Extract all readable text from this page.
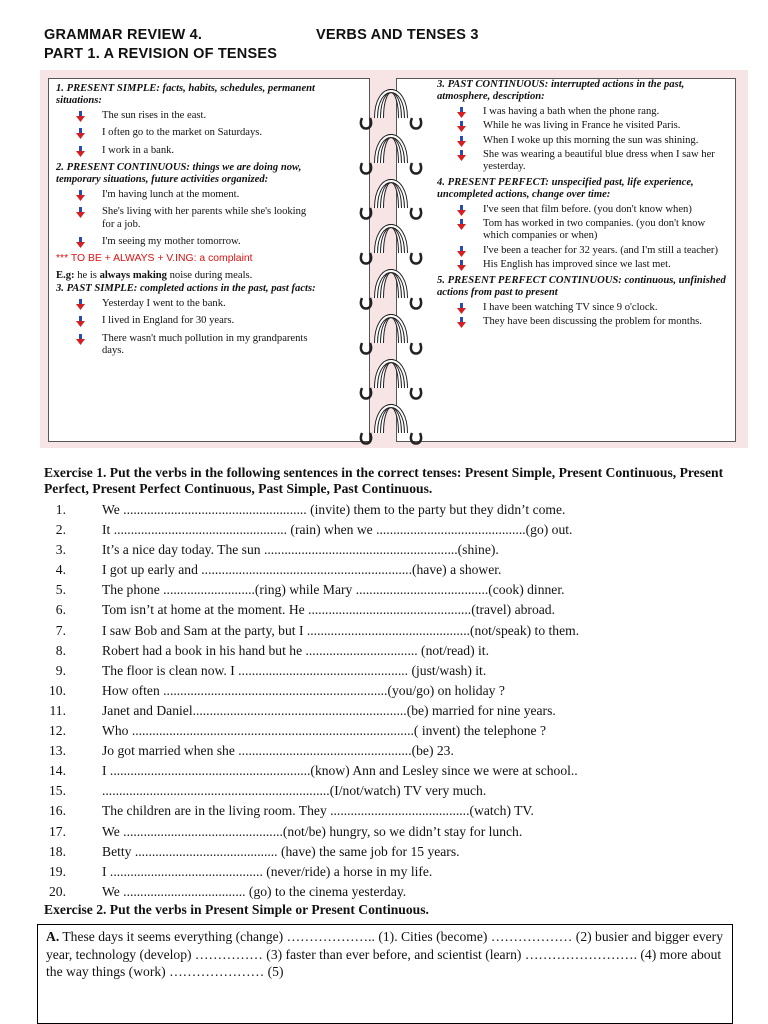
GRAMMAR REVIEW 4.	VERBS AND TENSES 3
PART 1. A REVISION OF TENSES

1. PRESENT SIMPLE: facts, habits, schedules, permanent situations:

The sun rises in the east.
I often go to the market on Saturdays.
I work in a bank.

2. PRESENT CONTINUOUS: things we are doing now, temporary situations, future activities organized:

I'm having lunch at the moment.
She's living with her parents while she's looking for a job.
I'm seeing my mother tomorrow.

*** TO BE + ALWAYS + V.ING: a complaint

E.g: he is always making noise during meals.

3. PAST SIMPLE: completed actions in the past, past facts:

Yesterday I went to the bank.
I lived in England for 30 years.
There wasn't much pollution in my grandparents days.

3. PAST CONTINUOUS: interrupted actions in the past, atmosphere, description:

I was having a bath when the phone rang.
While he was living in France he visited Paris.
When I woke up this morning the sun was shining.
She was wearing a beautiful blue dress when I saw her yesterday.

4. PRESENT PERFECT: unspecified past, life experience, uncompleted actions, change over time:

I've seen that film before. (you don't know when)
Tom has worked in two companies. (you don't know which companies or when)
I've been a teacher for 32 years. (and I'm still a teacher)
His English has improved since we last met.

5. PRESENT PERFECT CONTINUOUS: continuous, unfinished actions from past to present

I have been watching TV since 9 o'clock.
They have been discussing the problem for months.
Exercise 1. Put the verbs in the following sentences in the correct tenses: Present Simple, Present Continuous, Present Perfect, Present Perfect Continuous, Past Simple, Past Continuous.
1.	We ...................................................... (invite) them to the party but they didn’t come.
2.	It ................................................... (rain) when we ............................................(go) out.
3.	It’s a nice day today. The sun .........................................................(shine).
4.	I got up early and ..............................................................(have) a shower.
5.	The phone ...........................(ring) while Mary .......................................(cook) dinner.
6.	Tom isn’t at home at the moment. He ................................................(travel) abroad.
7.	I saw Bob and Sam at the party, but I ................................................(not/speak) to them.
8.	Robert had a book in his hand but he ................................. (not/read) it.
9.	The floor is clean now. I .................................................. (just/wash) it.
10.	How often ..................................................................(you/go) on holiday ?
11.	Janet and Daniel...............................................................(be) married for nine years.
12.	Who ...................................................................................( invent) the telephone ?
13.	Jo got married when she ...................................................(be) 23.
14.	I ...........................................................(know) Ann and Lesley since we were at school..
15.	...................................................................(I/not/watch) TV very much.
16.	The children are in the living room. They .........................................(watch) TV.
17.	We ...............................................(not/be) hungry, so we didn’t stay for lunch.
18.	Betty .......................................... (have) the same job for 15 years.
19.	I ............................................. (never/ride) a horse in my life.
20.	We .................................... (go) to the cinema yesterday.
Exercise 2. Put the verbs in Present Simple or Present Continuous.
A. These days it seems everything (change) ……………….. (1). Cities (become) ……………… (2) busier and bigger every year, technology (develop) …………… (3) faster than ever before, and scientist (learn) ……………………. (4) more about the way things (work) ………………… (5)
